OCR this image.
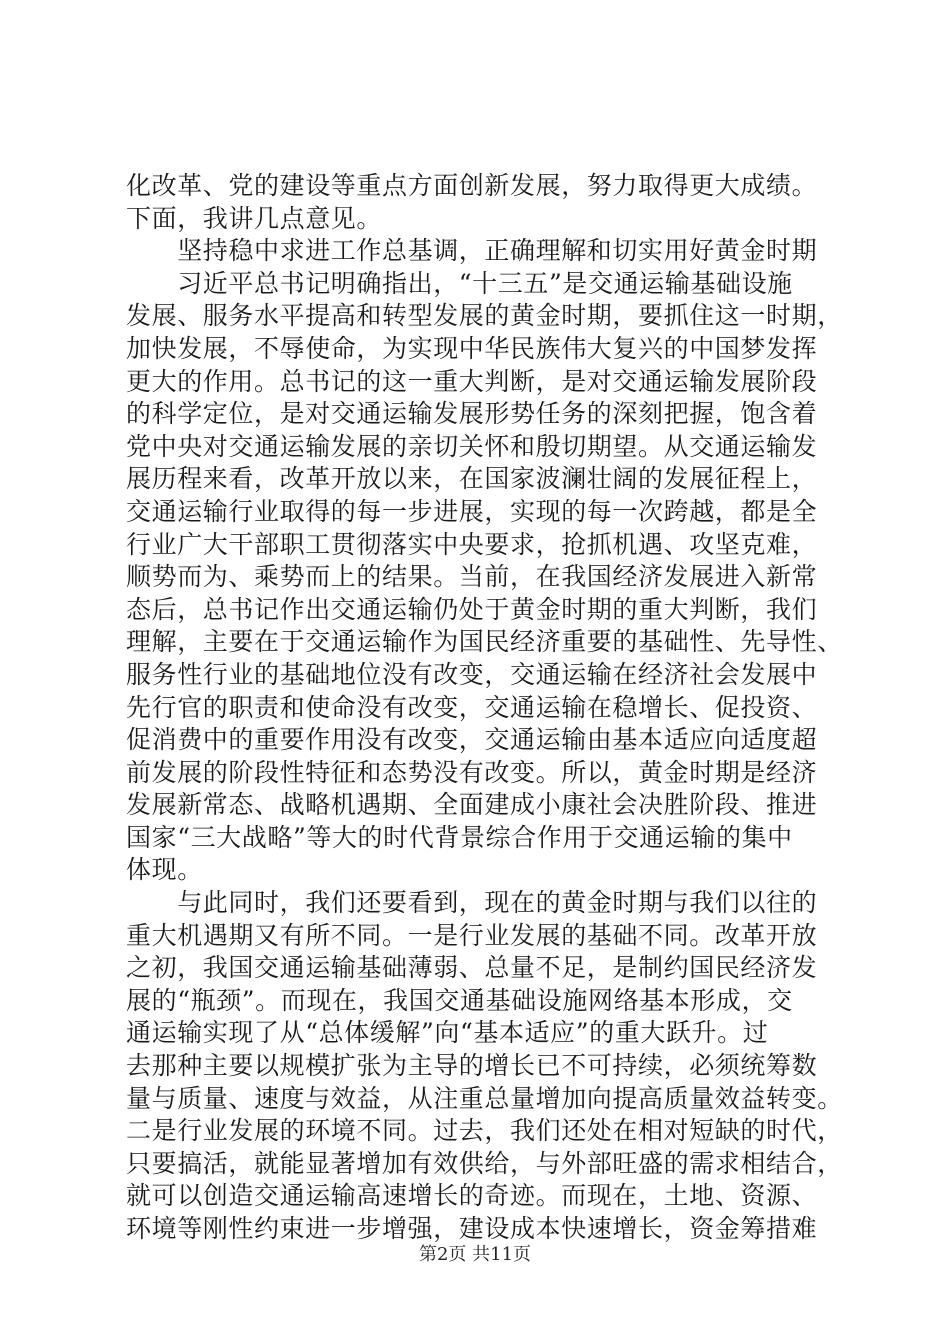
化改革、党的建设等重点方面创新发展，努力取得更大成绩。
下面，我讲几点意见。
　　坚持稳中求进工作总基调，正确理解和切实用好黄金时期
　　习近平总书记明确指出，“十三五”是交通运输基础设施
发展、服务水平提高和转型发展的黄金时期，要抓住这一时期，
加快发展，不辱使命，为实现中华民族伟大复兴的中国梦发挥
更大的作用。总书记的这一重大判断，是对交通运输发展阶段
的科学定位，是对交通运输发展形势任务的深刻把握，饱含着
党中央对交通运输发展的亲切关怀和殷切期望。从交通运输发
展历程来看，改革开放以来，在国家波澜壮阔的发展征程上，
交通运输行业取得的每一步进展，实现的每一次跨越，都是全
行业广大干部职工贯彻落实中央要求，抢抓机遇、攻坚克难，
顺势而为、乘势而上的结果。当前，在我国经济发展进入新常
态后，总书记作出交通运输仍处于黄金时期的重大判断，我们
理解，主要在于交通运输作为国民经济重要的基础性、先导性、
服务性行业的基础地位没有改变，交通运输在经济社会发展中
先行官的职责和使命没有改变，交通运输在稳增长、促投资、
促消费中的重要作用没有改变，交通运输由基本适应向适度超
前发展的阶段性特征和态势没有改变。所以，黄金时期是经济
发展新常态、战略机遇期、全面建成小康社会决胜阶段、推进
国家“三大战略”等大的时代背景综合作用于交通运输的集中
体现。
　　与此同时，我们还要看到，现在的黄金时期与我们以往的
重大机遇期又有所不同。一是行业发展的基础不同。改革开放
之初，我国交通运输基础薄弱、总量不足，是制约国民经济发
展的“瓶颈”。而现在，我国交通基础设施网络基本形成，交
通运输实现了从“总体缓解”向“基本适应”的重大跃升。过
去那种主要以规模扩张为主导的增长已不可持续，必须统筹数
量与质量、速度与效益，从注重总量增加向提高质量效益转变。
二是行业发展的环境不同。过去，我们还处在相对短缺的时代，
只要搞活，就能显著增加有效供给，与外部旺盛的需求相结合，
就可以创造交通运输高速增长的奇迹。而现在，土地、资源、
环境等刚性约束进一步增强，建设成本快速增长，资金筹措难
第2页 共11页
